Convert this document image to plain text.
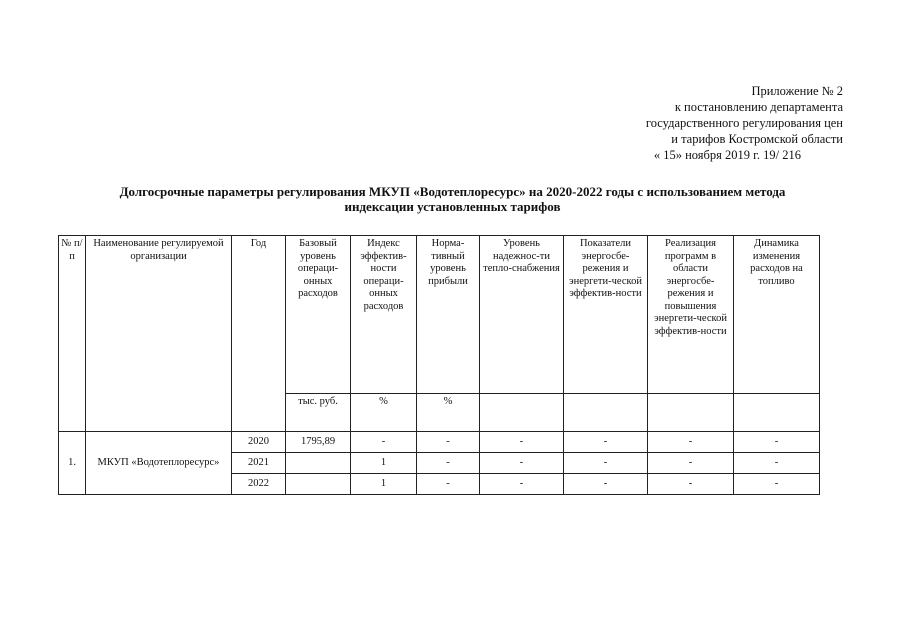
Приложение № 2
к постановлению департамента
государственного регулирования цен
и тарифов Костромской области
« 15» ноября 2019 г. 19/ 216
Долгосрочные параметры регулирования МКУП «Водотеплоресурс» на 2020-2022 годы с использованием метода
индексации установленных тарифов
№ п/п	Наименование регулируемой организации	Год	Базовый уровень операци-онных расходов	Индекс эффектив-ности операци-онных расходов	Норма-тивный уровень прибыли	Уровень надежнос-ти тепло-снабжения	Показатели энергосбе-режения и энергети-ческой эффектив-ности	Реализация программ в области энергосбе-режения и повышения энергети-ческой эффектив-ности	Динамика изменения расходов на топливо
			тыс. руб.	%	%				
1.	МКУП «Водотеплоресурс»	2020	1795,89	-	-	-	-	-	-
		2021		1	-	-	-	-	-
		2022		1	-	-	-	-	-
